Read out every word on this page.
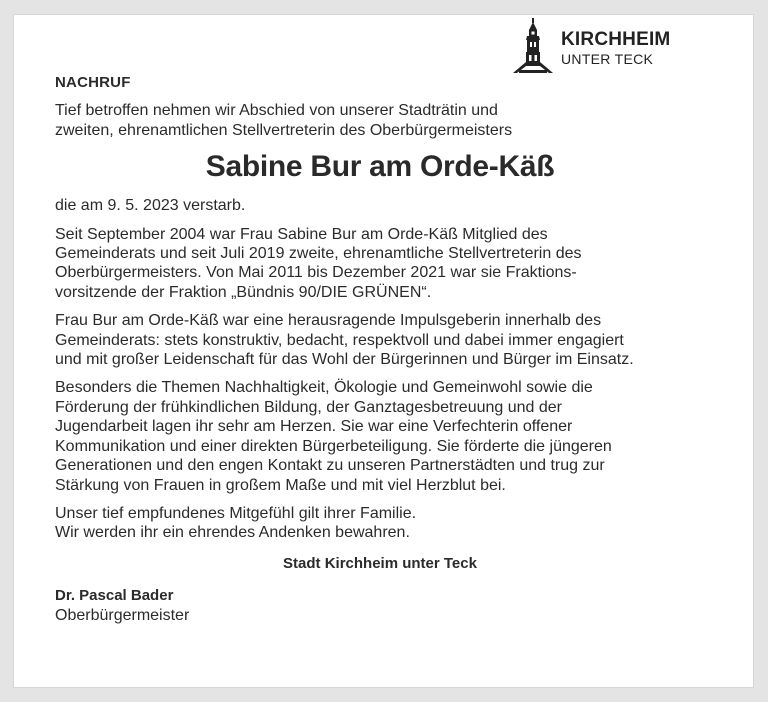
KIRCHHEIM
UNTER TECK
NACHRUF

Tief betroffen nehmen wir Abschied von unserer Stadträtin und
zweiten, ehrenamtlichen Stellvertreterin des Oberbürgermeisters

Sabine Bur am Orde-Käß

die am 9. 5. 2023 verstarb.

Seit September 2004 war Frau Sabine Bur am Orde-Käß Mitglied des
Gemeinderats und seit Juli 2019 zweite, ehrenamtliche Stellvertreterin des
Oberbürgermeisters. Von Mai 2011 bis Dezember 2021 war sie Fraktions-
vorsitzende der Fraktion „Bündnis 90/DIE GRÜNEN“.

Frau Bur am Orde-Käß war eine herausragende Impulsgeberin innerhalb des
Gemeinderats: stets konstruktiv, bedacht, respektvoll und dabei immer engagiert
und mit großer Leidenschaft für das Wohl der Bürgerinnen und Bürger im Einsatz.

Besonders die Themen Nachhaltigkeit, Ökologie und Gemeinwohl sowie die
Förderung der frühkindlichen Bildung, der Ganztagesbetreuung und der
Jugendarbeit lagen ihr sehr am Herzen. Sie war eine Verfechterin offener
Kommunikation und einer direkten Bürgerbeteiligung. Sie förderte die jüngeren
Generationen und den engen Kontakt zu unseren Partnerstädten und trug zur
Stärkung von Frauen in großem Maße und mit viel Herzblut bei.

Unser tief empfundenes Mitgefühl gilt ihrer Familie.
Wir werden ihr ein ehrendes Andenken bewahren.

Stadt Kirchheim unter Teck
Dr. Pascal Bader
Oberbürgermeister
